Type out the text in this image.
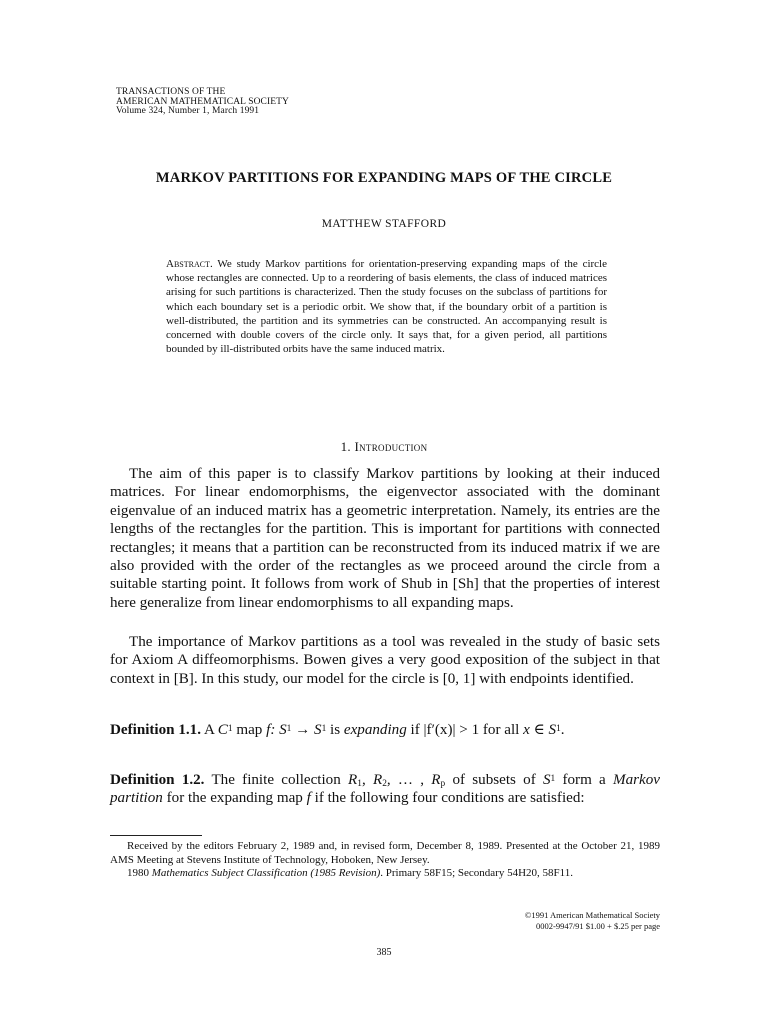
TRANSACTIONS OF THE
AMERICAN MATHEMATICAL SOCIETY
Volume 324, Number 1, March 1991
MARKOV PARTITIONS FOR EXPANDING MAPS OF THE CIRCLE
MATTHEW STAFFORD
Abstract. We study Markov partitions for orientation-preserving expanding maps of the circle whose rectangles are connected. Up to a reordering of basis elements, the class of induced matrices arising for such partitions is characterized. Then the study focuses on the subclass of partitions for which each boundary set is a periodic orbit. We show that, if the boundary orbit of a partition is well-distributed, the partition and its symmetries can be constructed. An accompanying result is concerned with double covers of the circle only. It says that, for a given period, all partitions bounded by ill-distributed orbits have the same induced matrix.
1. Introduction

The aim of this paper is to classify Markov partitions by looking at their induced matrices. For linear endomorphisms, the eigenvector associated with the dominant eigenvalue of an induced matrix has a geometric interpretation. Namely, its entries are the lengths of the rectangles for the partition. This is important for partitions with connected rectangles; it means that a partition can be reconstructed from its induced matrix if we are also provided with the order of the rectangles as we proceed around the circle from a suitable starting point. It follows from work of Shub in [Sh] that the properties of interest here generalize from linear endomorphisms to all expanding maps.

The importance of Markov partitions as a tool was revealed in the study of basic sets for Axiom A diffeomorphisms. Bowen gives a very good exposition of the subject in that context in [B]. In this study, our model for the circle is [0, 1] with endpoints identified.

Definition 1.1. A $C^1$ map f: $S^1 \to S^1$ is expanding if |f′(x)| > 1 for all x ∈ $S^1$.

Definition 1.2. The finite collection $R_1$, $R_2$, … , $R_p$ of subsets of $S^1$ form a Markov partition for the expanding map f if the following four conditions are satisfied:

Received by the editors February 2, 1989 and, in revised form, December 8, 1989. Presented at the October 21, 1989 AMS Meeting at Stevens Institute of Technology, Hoboken, New Jersey.

1980 Mathematics Subject Classification (1985 Revision). Primary 58F15; Secondary 54H20, 58F11.

©1991 American Mathematical Society
0002-9947/91 $1.00 + $.25 per page
385
